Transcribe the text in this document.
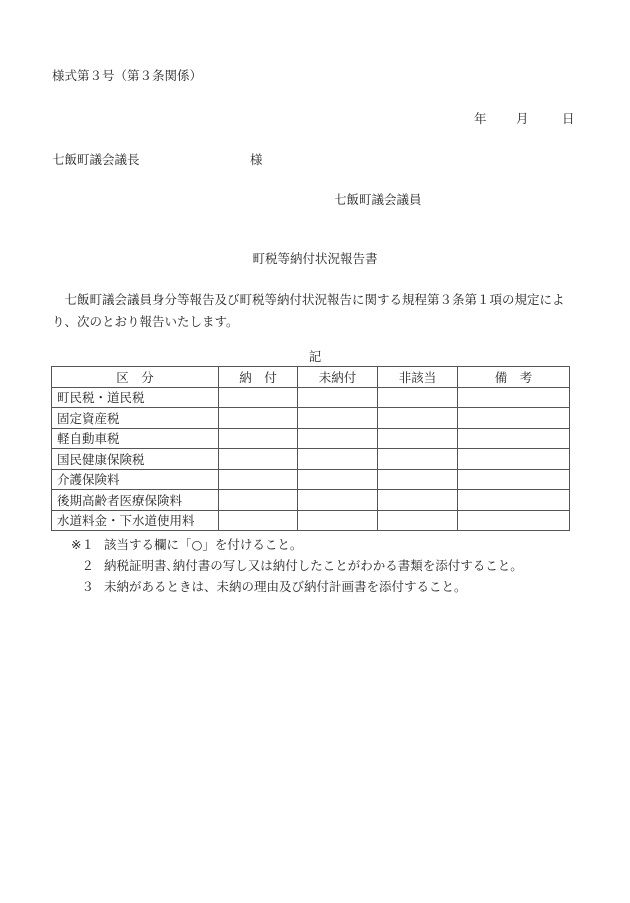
様式第３号（第３条関係）
年 月	日
七飯町議会議長	様
七飯町議会議員
町税等納付状況報告書
　七飯町議会議員身分等報告及び町税等納付状況報告に関する規程第３条第１項の規定により、次のとおり報告いたします。
記
区　分	納　付	未納付	非該当	備　考
町民税・道民税				
固定資産税				
軽自動車税				
国民健康保険税				
介護保険料				
後期高齢者医療保険料				
水道料金・下水道使用料				
※１ 該当する欄に「○」を付けること。
２ 納税証明書､納付書の写し又は納付したことがわかる書類を添付すること。
３ 未納があるときは、未納の理由及び納付計画書を添付すること。
